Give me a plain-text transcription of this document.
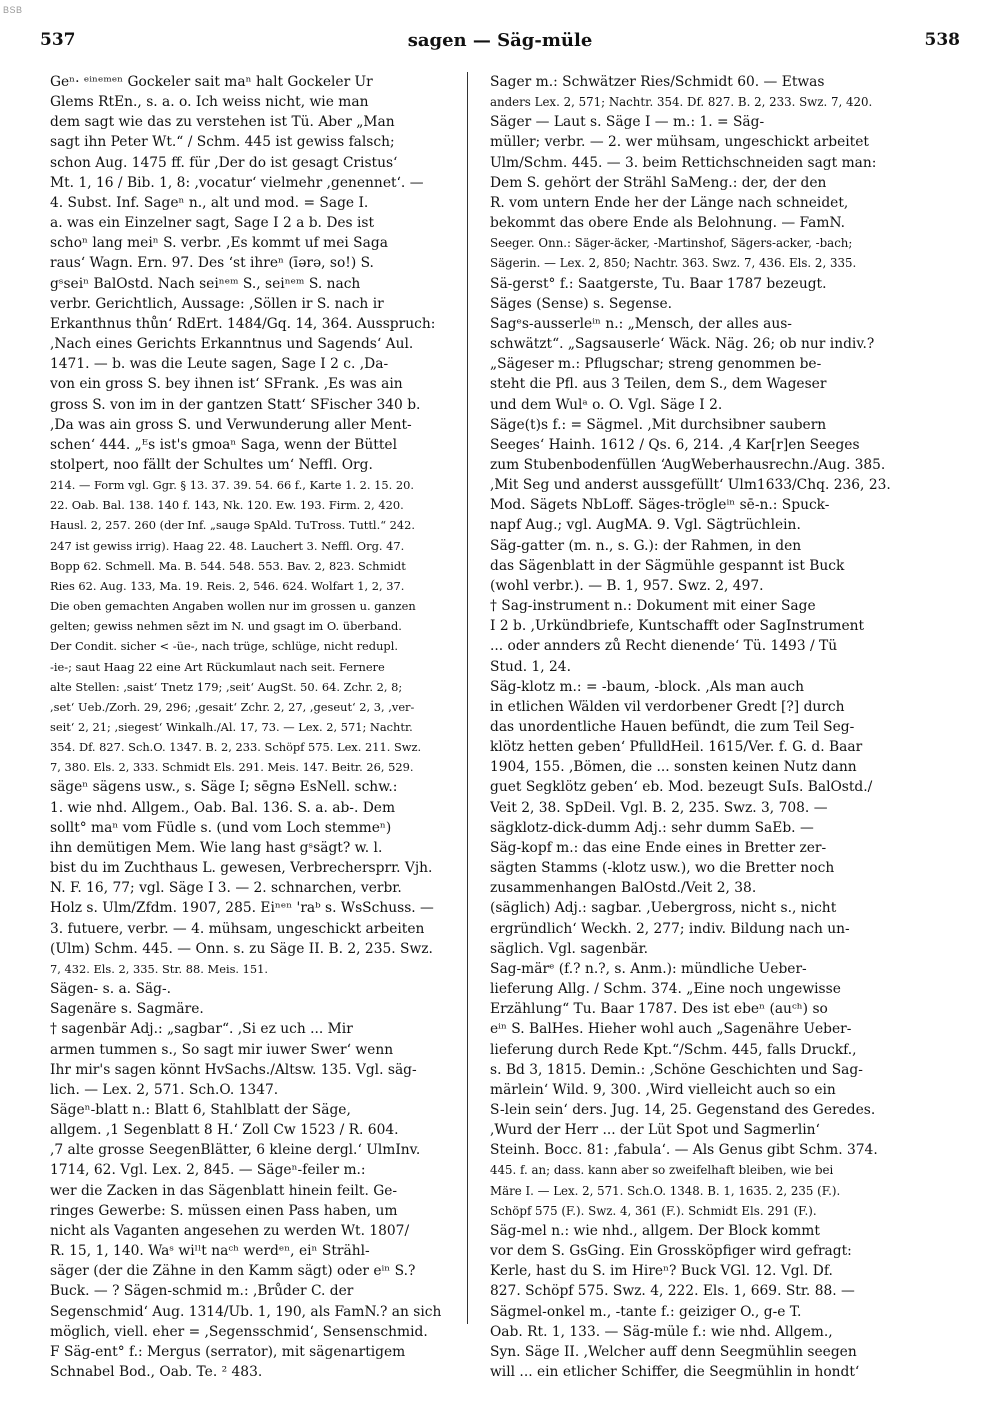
BSB
537	sagen — Säg-müle	538
Geⁿ· ᵉⁱⁿᵉᵐᵉⁿ Gockeler sait maⁿ halt Gockeler Ur
Glems RtEn., s. a. o. Ich weiss nicht, wie man
dem sagt wie das zu verstehen ist Tü. Aber „Man
sagt ihn Peter Wt.“ / Schm. 445 ist gewiss falsch;
schon Aug. 1475 ff. für ,Der do ist gesagt Cristus‘
Mt. 1, 16 / Bib. 1, 8: ,vocatur‘ vielmehr ,genennet‘. —
4. Subst. Inf. Sageⁿ n., alt und mod. = Sage I.
a. was ein Einzelner sagt, Sage I 2 a b. Des ist
schoⁿ lang meiⁿ S. verbr. ,Es kommt uf mei Saga
raus‘ Wagn. Ern. 97. Des ‘st ihreⁿ (īərə, so!) S.
gˢseiⁿ BalOstd. Nach seiⁿᵉᵐ S., seiⁿᵉᵐ S. nach
verbr. Gerichtlich, Aussage: ,Söllen ir S. nach ir
Erkanthnus thůn‘ RdErt. 1484/Gq. 14, 364. Ausspruch:
,Nach eines Gerichts Erkanntnus und Sagends‘ Aul.
1471. — b. was die Leute sagen, Sage I 2 c. ,Da-
von ein gross S. bey ihnen ist‘ SFrank. ,Es was ain
gross S. von im in der gantzen Statt‘ SFischer 340 b.
,Da was ain gross S. und Verwunderung aller Ment-
schen‘ 444. „ᴱs ist's gmoaⁿ Saga, wenn der Büttel
stolpert, noo fällt der Schultes um‘ Neffl. Org.
214. — Form vgl. Ggr. § 13. 37. 39. 54. 66 f., Karte 1. 2. 15. 20.
22. Oab. Bal. 138. 140 f. 143, Nk. 120. Ew. 193. Firm. 2, 420.
Hausl. 2, 257. 260 (der Inf. „saugə SpAld. TuTross. Tuttl.“ 242.
247 ist gewiss irrig). Haag 22. 48. Lauchert 3. Neffl. Org. 47.
Bopp 62. Schmell. Ma. B. 544. 548. 553. Bav. 2, 823. Schmidt
Ries 62. Aug. 133, Ma. 19. Reis. 2, 546. 624. Wolfart 1, 2, 37.
Die oben gemachten Angaben wollen nur im grossen u. ganzen
gelten; gewiss nehmen sēzt im N. und gsagt im O. überband.
Der Condit. sicher < -üe-, nach trüge, schlüge, nicht redupl.
-ie-; saut Haag 22 eine Art Rückumlaut nach seit. Fernere
alte Stellen: ,saist‘ Tnetz 179; ,seit‘ AugSt. 50. 64. Zchr. 2, 8;
,set‘ Ueb./Zorh. 29, 296; ,gesait‘ Zchr. 2, 27, ,geseut‘ 2, 3, ,ver-
seit‘ 2, 21; ,siegest‘ Winkalh./Al. 17, 73. — Lex. 2, 571; Nachtr.
354. Df. 827. Sch.O. 1347. B. 2, 233. Schöpf 575. Lex. 211. Swz.
7, 380. Els. 2, 333. Schmidt Els. 291. Meis. 147. Beitr. 26, 529.
sägeⁿ sägens usw., s. Säge I; sēgnə EsNell. schw.:
1. wie nhd. Allgem., Oab. Bal. 136. S. a. ab-. Dem
sollt° maⁿ vom Füdle s. (und vom Loch stemmeⁿ)
ihn demütigen Mem. Wie lang hast gˢsägt? w. l.
bist du im Zuchthaus L. gewesen, Verbrechersprr. Vjh.
N. F. 16, 77; vgl. Säge I 3. — 2. schnarchen, verbr.
Holz s. Ulm/Zfdm. 1907, 285. Eiⁿᵉⁿ 'raᵇ s. WsSchuss. —
3. futuere, verbr. — 4. mühsam, ungeschickt arbeiten
(Ulm) Schm. 445. — Onn. s. zu Säge II. B. 2, 235. Swz.
7, 432. Els. 2, 335. Str. 88. Meis. 151.
Sägen- s. a. Säg-.
Sagenäre s. Sagmäre.
† sagenbär Adj.: „sagbar“. ,Si ez uch ... Mir
armen tummen s., So sagt mir iuwer Swer‘ wenn
Ihr mir's sagen könnt HvSachs./Altsw. 135. Vgl. säg-
lich. — Lex. 2, 571. Sch.O. 1347.
Sägeⁿ-blatt n.: Blatt 6, Stahlblatt der Säge,
allgem. ,1 Segenblatt 8 H.‘ Zoll Cw 1523 / R. 604.
,7 alte grosse SeegenBlätter, 6 kleine dergl.‘ UlmInv.
1714, 62. Vgl. Lex. 2, 845. — Sägeⁿ-feiler m.:
wer die Zacken in das Sägenblatt hinein feilt. Ge-
ringes Gewerbe: S. müssen einen Pass haben, um
nicht als Vaganten angesehen zu werden Wt. 1807/
R. 15, 1, 140. Waˢ wiˡˡt naᶜʰ werdᵉⁿ, eiⁿ Strähl-
säger (der die Zähne in den Kamm sägt) oder eⁱⁿ S.?
Buck. — ? Sägen-schmid m.: ,Brůder C. der
Segenschmid‘ Aug. 1314/Ub. 1, 190, als FamN.? an sich
möglich, viell. eher = ,Segensschmid‘, Sensenschmid.
F Säg-ent° f.: Mergus (serrator), mit sägenartigem
Schnabel Bod., Oab. Te. ² 483.
Sager m.: Schwätzer Ries/Schmidt 60. — Etwas
anders Lex. 2, 571; Nachtr. 354. Df. 827. B. 2, 233. Swz. 7, 420.
Säger — Laut s. Säge I — m.: 1. = Säg-
müller; verbr. — 2. wer mühsam, ungeschickt arbeitet
Ulm/Schm. 445. — 3. beim Rettichschneiden sagt man:
Dem S. gehört der Strähl SaMeng.: der, der den
R. vom untern Ende her der Länge nach schneidet,
bekommt das obere Ende als Belohnung. — FamN.
Seeger. Onn.: Säger-äcker, -Martinshof, Sägers-acker, -bach;
Sägerin. — Lex. 2, 850; Nachtr. 363. Swz. 7, 436. Els. 2, 335.
Sä-gerst° f.: Saatgerste, Tu. Baar 1787 bezeugt.
Säges (Sense) s. Segense.
Sagᵉs-ausserleⁱⁿ n.: „Mensch, der alles aus-
schwätzt“. „Sagsauserle‘ Wäck. Näg. 26; ob nur indiv.?
„Sägeser m.: Pflugschar; streng genommen be-
steht die Pfl. aus 3 Teilen, dem S., dem Wageser
und dem Wulᵃ o. O. Vgl. Säge I 2.
Säge(t)s f.: = Sägmel. ,Mit durchsibner saubern
Seeges‘ Hainh. 1612 / Qs. 6, 214. ,4 Kar[r]en Seeges
zum Stubenbodenfüllen ‘AugWeberhausrechn./Aug. 385.
,Mit Seg und anderst aussgefüllt‘ Ulm1633/Chq. 236, 23.
Mod. Sägets NbLoff. Säges-trögleⁱⁿ sē-n.: Spuck-
napf Aug.; vgl. AugMA. 9. Vgl. Sägtrüchlein.
Säg-gatter (m. n., s. G.): der Rahmen, in den
das Sägenblatt in der Sägmühle gespannt ist Buck
(wohl verbr.). — B. 1, 957. Swz. 2, 497.
† Sag-instrument n.: Dokument mit einer Sage
I 2 b. ,Urkündbriefe, Kuntschafft oder SagInstrument
... oder annders zů Recht dienende‘ Tü. 1493 / Tü
Stud. 1, 24.
Säg-klotz m.: = -baum, -block. ,Als man auch
in etlichen Wälden vil verdorbener Gredt [?] durch
das unordentliche Hauen befündt, die zum Teil Seg-
klötz hetten geben‘ PfulldHeil. 1615/Ver. f. G. d. Baar
1904, 155. ,Bömen, die ... sonsten keinen Nutz dann
guet Segklötz geben‘ eb. Mod. bezeugt SuIs. BalOstd./
Veit 2, 38. SpDeil. Vgl. B. 2, 235. Swz. 3, 708. —
sägklotz-dick-dumm Adj.: sehr dumm SaEb. —
Säg-kopf m.: das eine Ende eines in Bretter zer-
sägten Stamms (-klotz usw.), wo die Bretter noch
zusammenhangen BalOstd./Veit 2, 38.
(säglich) Adj.: sagbar. ,Uebergross, nicht s., nicht
ergründlich‘ Weckh. 2, 277; indiv. Bildung nach un-
säglich. Vgl. sagenbär.
Sag-märᵉ (f.? n.?, s. Anm.): mündliche Ueber-
lieferung Allg. / Schm. 374. „Eine noch ungewisse
Erzählung“ Tu. Baar 1787. Des ist ebeⁿ (auᶜʰ) so
eⁱⁿ S. BalHes. Hieher wohl auch „Sagenähre Ueber-
lieferung durch Rede Kpt.“/Schm. 445, falls Druckf.,
s. Bd 3, 1815. Demin.: ,Schöne Geschichten und Sag-
märlein‘ Wild. 9, 300. ,Wird vielleicht auch so ein
S-lein sein‘ ders. Jug. 14, 25. Gegenstand des Geredes.
,Wurd der Herr ... der Lüt Spot und Sagmerlin‘
Steinh. Bocc. 81: ,fabula‘. — Als Genus gibt Schm. 374.
445. f. an; dass. kann aber so zweifelhaft bleiben, wie bei
Märe I. — Lex. 2, 571. Sch.O. 1348. B. 1, 1635. 2, 235 (F.).
Schöpf 575 (F.). Swz. 4, 361 (F.). Schmidt Els. 291 (F.).
Säg-mel n.: wie nhd., allgem. Der Block kommt
vor dem S. GsGing. Ein Grossköpfiger wird gefragt:
Kerle, hast du S. im Hireⁿ? Buck VGl. 12. Vgl. Df.
827. Schöpf 575. Swz. 4, 222. Els. 1, 669. Str. 88. —
Sägmel-onkel m., -tante f.: geiziger O., g-e T.
Oab. Rt. 1, 133. — Säg-müle f.: wie nhd. Allgem.,
Syn. Säge II. ,Welcher auff denn Seegmühlin seegen
will ... ein etlicher Schiffer, die Seegmühlin in hondt‘
